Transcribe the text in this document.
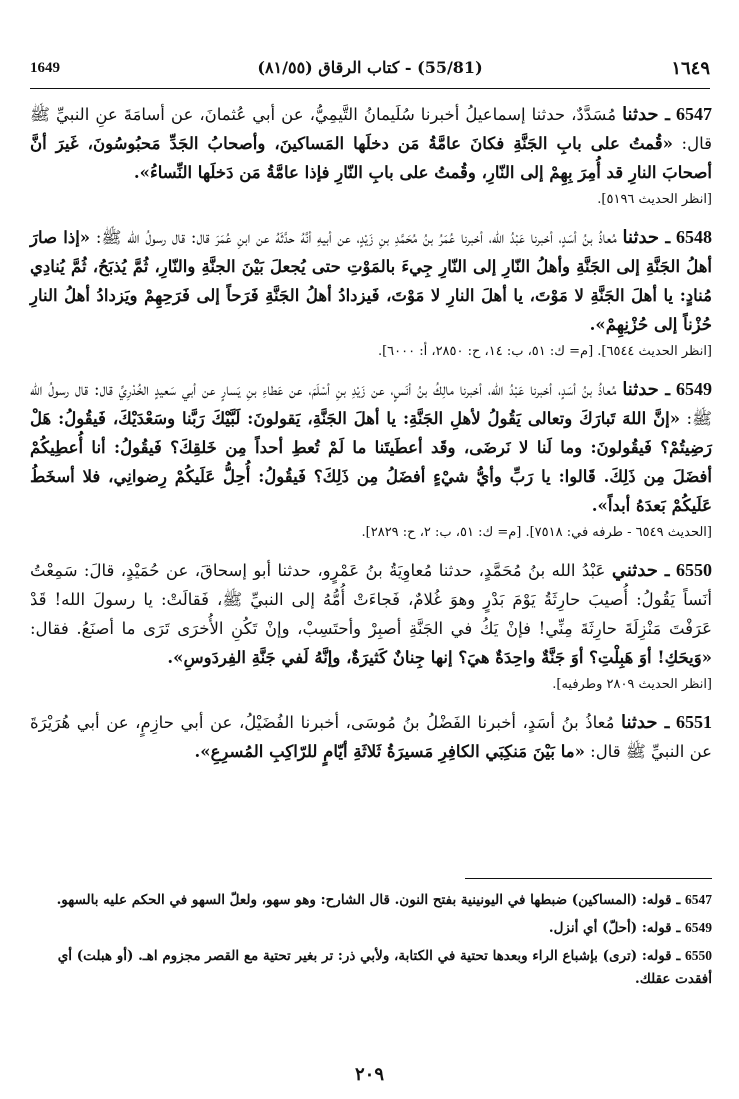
1649	(55/81) - كتاب الرقاق (٨١/٥٥)	١٦٤٩

6547 ـ حدثنا مُسَدَّدٌ، حدثنا إسماعيلُ أخبرنا سُلَيمانُ التَّيمِيُّ، عن أبي عُثمانَ، عن أسامَةَ عنِ النبيِّ ﷺ قال: «قُمتُ على بابِ الجَنَّةِ فكانَ عامَّةُ مَن دخلَها المَساكينَ، وأصحابُ الجَدِّ مَحبُوسُونَ، غَيرَ أنَّ أصحابَ النارِ قد أُمِرَ بِهِمْ إلى النّارِ، وقُمتُ على بابِ النّارِ فإذا عامَّةُ مَن دَخلَها النِّساءُ».
[انظر الحديث ٥١٩٦].

6548 ـ حدثنا مُعاذُ بنُ أسَدٍ، أخبرنا عَبْدُ الله، أخبرنا عُمَرُ بنُ مُحَمَّدِ بنِ زَيْدٍ، عن أبيهِ أنَّهُ حدَّثَهُ عن ابنِ عُمَرَ قال: قال رسولُ الله ﷺ: «إذا صارَ أهلُ الجَنَّةِ إلى الجَنَّةِ وأهلُ النّارِ إلى النّارِ جِيءَ بالمَوْتِ حتى يُجعلَ بَيْنَ الجنَّةِ والنّارِ، ثُمَّ يُذبَحُ، ثُمَّ يُنادِي مُنادٍ: يا أهلَ الجَنَّةِ لا مَوْتَ، يا أهلَ النارِ لا مَوْتَ، فَيزدادُ أهلُ الجَنَّةِ فَرَحاً إلى فَرَحِهِمْ ويَزدادُ أهلُ النارِ حُزْناً إلى حُزْنِهِمْ».
[انظر الحديث ٦٥٤٤]. [م= ك: ٥١، ب: ١٤، ح: ٢٨٥٠، أ: ٦٠٠٠].

6549 ـ حدثنا مُعاذُ بنُ أسَدٍ، أخبرنا عَبْدُ الله، أخبرنا مالِكُ بنُ أنَسٍ، عن زَيْدِ بنِ أسْلَمَ، عن عَطاءِ بنِ يَسارٍ عن أبي سَعيدٍ الخُدْرِيِّ قال: قال رسولُ الله ﷺ: «إنَّ اللهَ تَبارَكَ وتعالى يَقُولُ لأهلِ الجَنَّةِ: يا أهلَ الجَنَّةِ، يَقولونَ: لَبَّيْكَ رَبَّنا وسَعْدَيْكَ، فَيقُولُ: هَلْ رَضِيتُمْ؟ فَيقُولونَ: وما لَنا لا نَرضَى، وقَد أعطَيتَنا ما لَمْ تُعطِ أحداً مِن خَلقِكَ؟ فَيقُولُ: أنا أُعطِيكُمْ أفضَلَ مِن ذَلِكَ. قَالوا: يا رَبِّ وأيُّ شيْءٍ أفضَلُ مِن ذَلِكَ؟ فَيقُولُ: أُحِلُّ عَلَيكُمْ رِضوانِي، فلا أسخَطُ عَلَيكُمْ بَعدَهُ أبداً».
[الحديث ٦٥٤٩ - طرفه في: ٧٥١٨]. [م= ك: ٥١، ب: ٢، ح: ٢٨٢٩].

6550 ـ حدثني عَبْدُ الله بنُ مُحَمَّدٍ، حدثنا مُعاوِيَةُ بنُ عَمْرٍو، حدثنا أبو إسحاقَ، عن حُمَيْدٍ، قالَ: سَمِعْتُ أنَساً يَقُولُ: أُصيبَ حارِثَةُ يَوْمَ بَدْرٍ وهوَ غُلامٌ، فَجاءَتْ أُمُّهُ إلى النبيِّ ﷺ، فَقالَتْ: يا رسولَ الله! قَدْ عَرَفْتَ مَنْزِلَةَ حارِثَةَ مِنِّي! فإنْ يَكُ في الجَنَّةِ أصبِرْ وأحتَسِبْ، وإنْ تَكُنِ الأُخرَى تَرَى ما أصنَعُ. فقال: «وَيحَكِ! أوَ هَبِلْتِ؟ أوَ جَنَّةٌ واحِدَةٌ هيَ؟ إنها جِنانٌ كَثيرَةٌ، وإنَّهُ لَفي جَنَّةِ الفِردَوسِ».
[انظر الحديث ٢٨٠٩ وطرفيه].

6551 ـ حدثنا مُعاذُ بنُ أسَدٍ، أخبرنا الفَضْلُ بنُ مُوسَى، أخبرنا الفُضَيْلُ، عن أبي حازِمٍ، عن أبي هُرَيْرَةَ عن النبيِّ ﷺ قال: «ما بَيْنَ مَنكِبَي الكافِرِ مَسيرَةُ ثَلاثَةِ أيّامٍ للرّاكِبِ المُسرِعِ».

6547 ـ قوله: (المساكين) ضبطها في اليونينية بفتح النون. قال الشارح: وهو سهو، ولعلّ السهو في الحكم عليه بالسهو.

6549 ـ قوله: (أحلّ) أي أنزل.

6550 ـ قوله: (ترى) بإشباع الراء وبعدها تحتية في الكتابة، ولأبي ذر: تر بغير تحتية مع القصر مجزوم اهـ. (أو هبلت) أي أفقدت عقلك.

٢٠٩
